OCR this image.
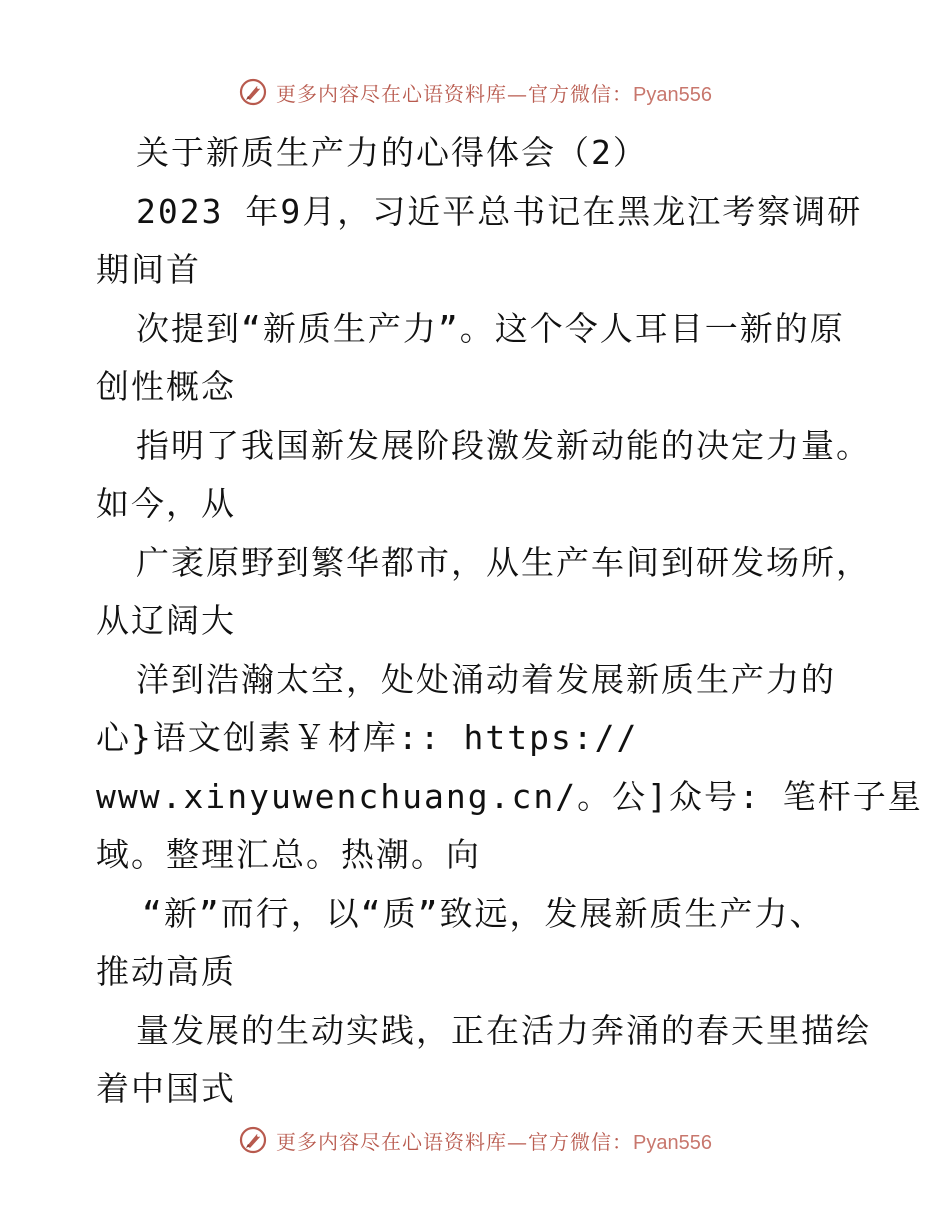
更多内容尽在心语资料库—官方微信：Pyan556
关于新质生产力的心得体会（2）
2023 年9月，习近平总书记在黑龙江考察调研
期间首
次提到“新质生产力”。这个令人耳目一新的原
创性概念
指明了我国新发展阶段激发新动能的决定力量。
如今，从
广袤原野到繁华都市，从生产车间到研发场所，
从辽阔大
洋到浩瀚太空，处处涌动着发展新质生产力的
心}语文创素￥材库:: https://
www.xinyuwenchuang.cn/。公]众号: 笔杆子星
域。整理汇总。热潮。向
“新”而行，以“质”致远，发展新质生产力、
推动高质
量发展的生动实践，正在活力奔涌的春天里描绘
着中国式
更多内容尽在心语资料库—官方微信：Pyan556
